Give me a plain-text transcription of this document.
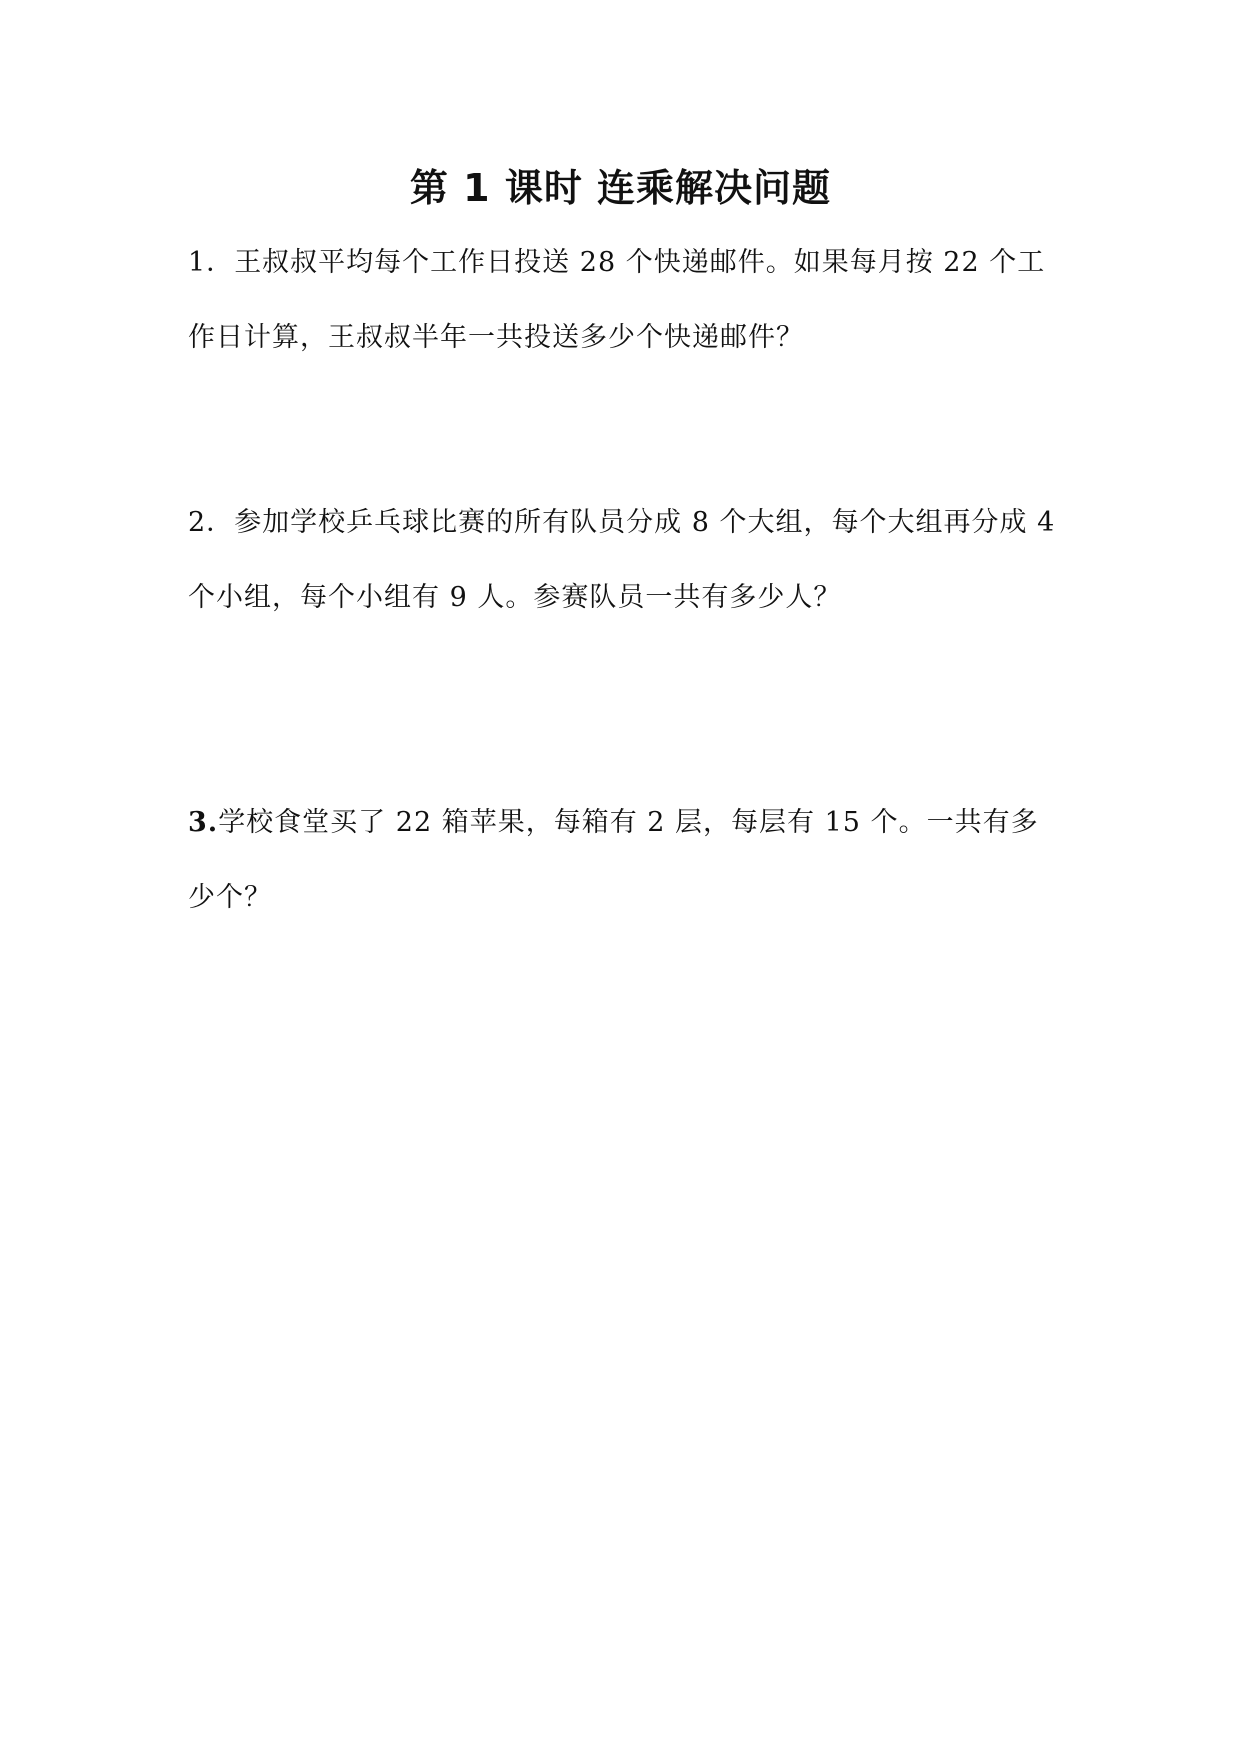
第 1 课时 连乘解决问题
1．王叔叔平均每个工作日投送 28 个快递邮件。如果每月按 22 个工作日计算，王叔叔半年一共投送多少个快递邮件？
2．参加学校乒乓球比赛的所有队员分成 8 个大组，每个大组再分成 4 个小组，每个小组有 9 人。参赛队员一共有多少人？
3.学校食堂买了 22 箱苹果，每箱有 2 层，每层有 15 个。一共有多少个？
